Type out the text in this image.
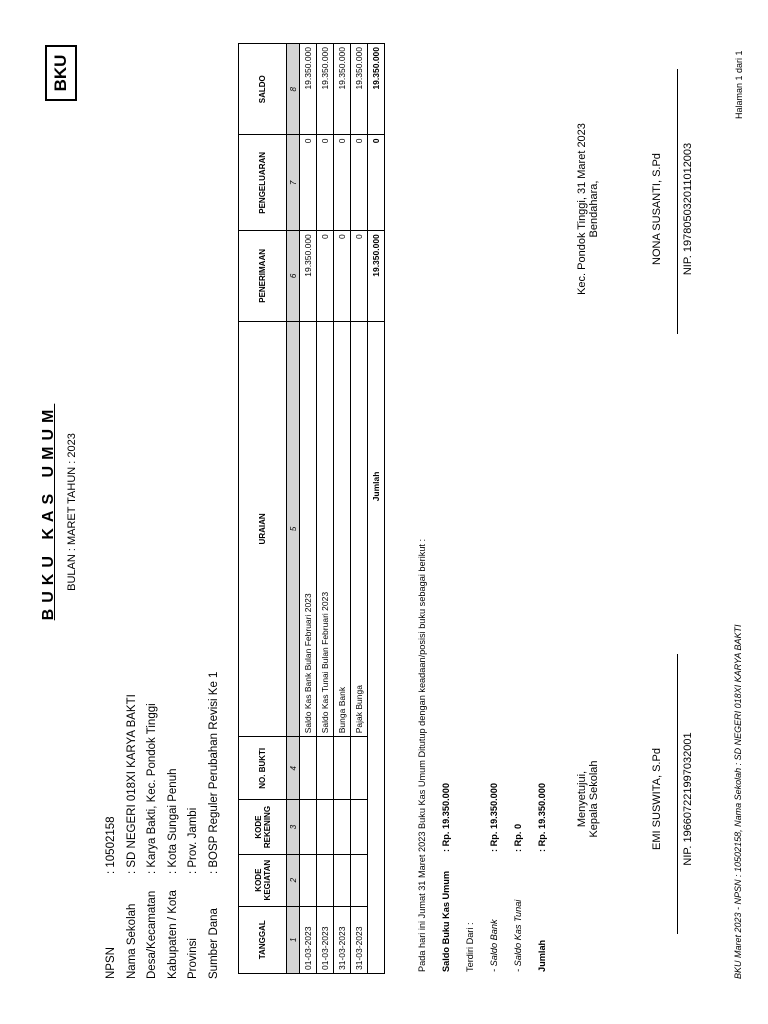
BUKU KAS UMUM BULAN : MARET TAHUN : 2023
BKU
NPSN
: 10502158
Nama Sekolah
: SD NEGERI 018XI KARYA BAKTI
Desa/Kecamatan
: Karya Bakti, Kec. Pondok Tinggi
Kabupaten / Kota
: Kota Sungai Penuh
Provinsi
: Prov. Jambi
Sumber Dana
: BOSP Reguler Perubahan Revisi Ke 1
TANGGAL	KODE KEGIATAN	KODE REKENING	NO. BUKTI	URAIAN	PENERIMAAN	PENGELUARAN	SALDO
1	2	3	4	5	6	7	8
01-03-2023				Saldo Kas Bank Bulan Februari 2023	19.350.000	0	19.350.000
01-03-2023				Saldo Kas Tunai Bulan Februari 2023	0	0	19.350.000
31-03-2023				Bunga Bank	0	0	19.350.000
31-03-2023				Pajak Bunga	0	0	19.350.000
Jumlah					19.350.000	0	19.350.000
Pada hari ini Jumat 31 Maret 2023 Buku Kas Umum Ditutup dengan keadaan/posisi buku sebagai berikut :	Saldo Buku Kas Umum
: Rp. 19.350.000
Terdiri Dari :	- Saldo Bank
: Rp. 19.350.000
- Saldo Kas Tunai
: Rp. 0
Jumlah
: Rp. 19.350.000	Menyetujui, Kepala Sekolah	EMI SUSWITA, S.Pd NIP. 196607221997032001
Kec. Pondok Tinggi, 31 Maret 2023 Bendahara,	NONA SUSANTI, S.Pd NIP. 197805032011012003
BKU Maret 2023 - NPSN : 10502158, Nama Sekolah : SD NEGERI 018XI KARYA BAKTI
Halaman 1 dari 1
